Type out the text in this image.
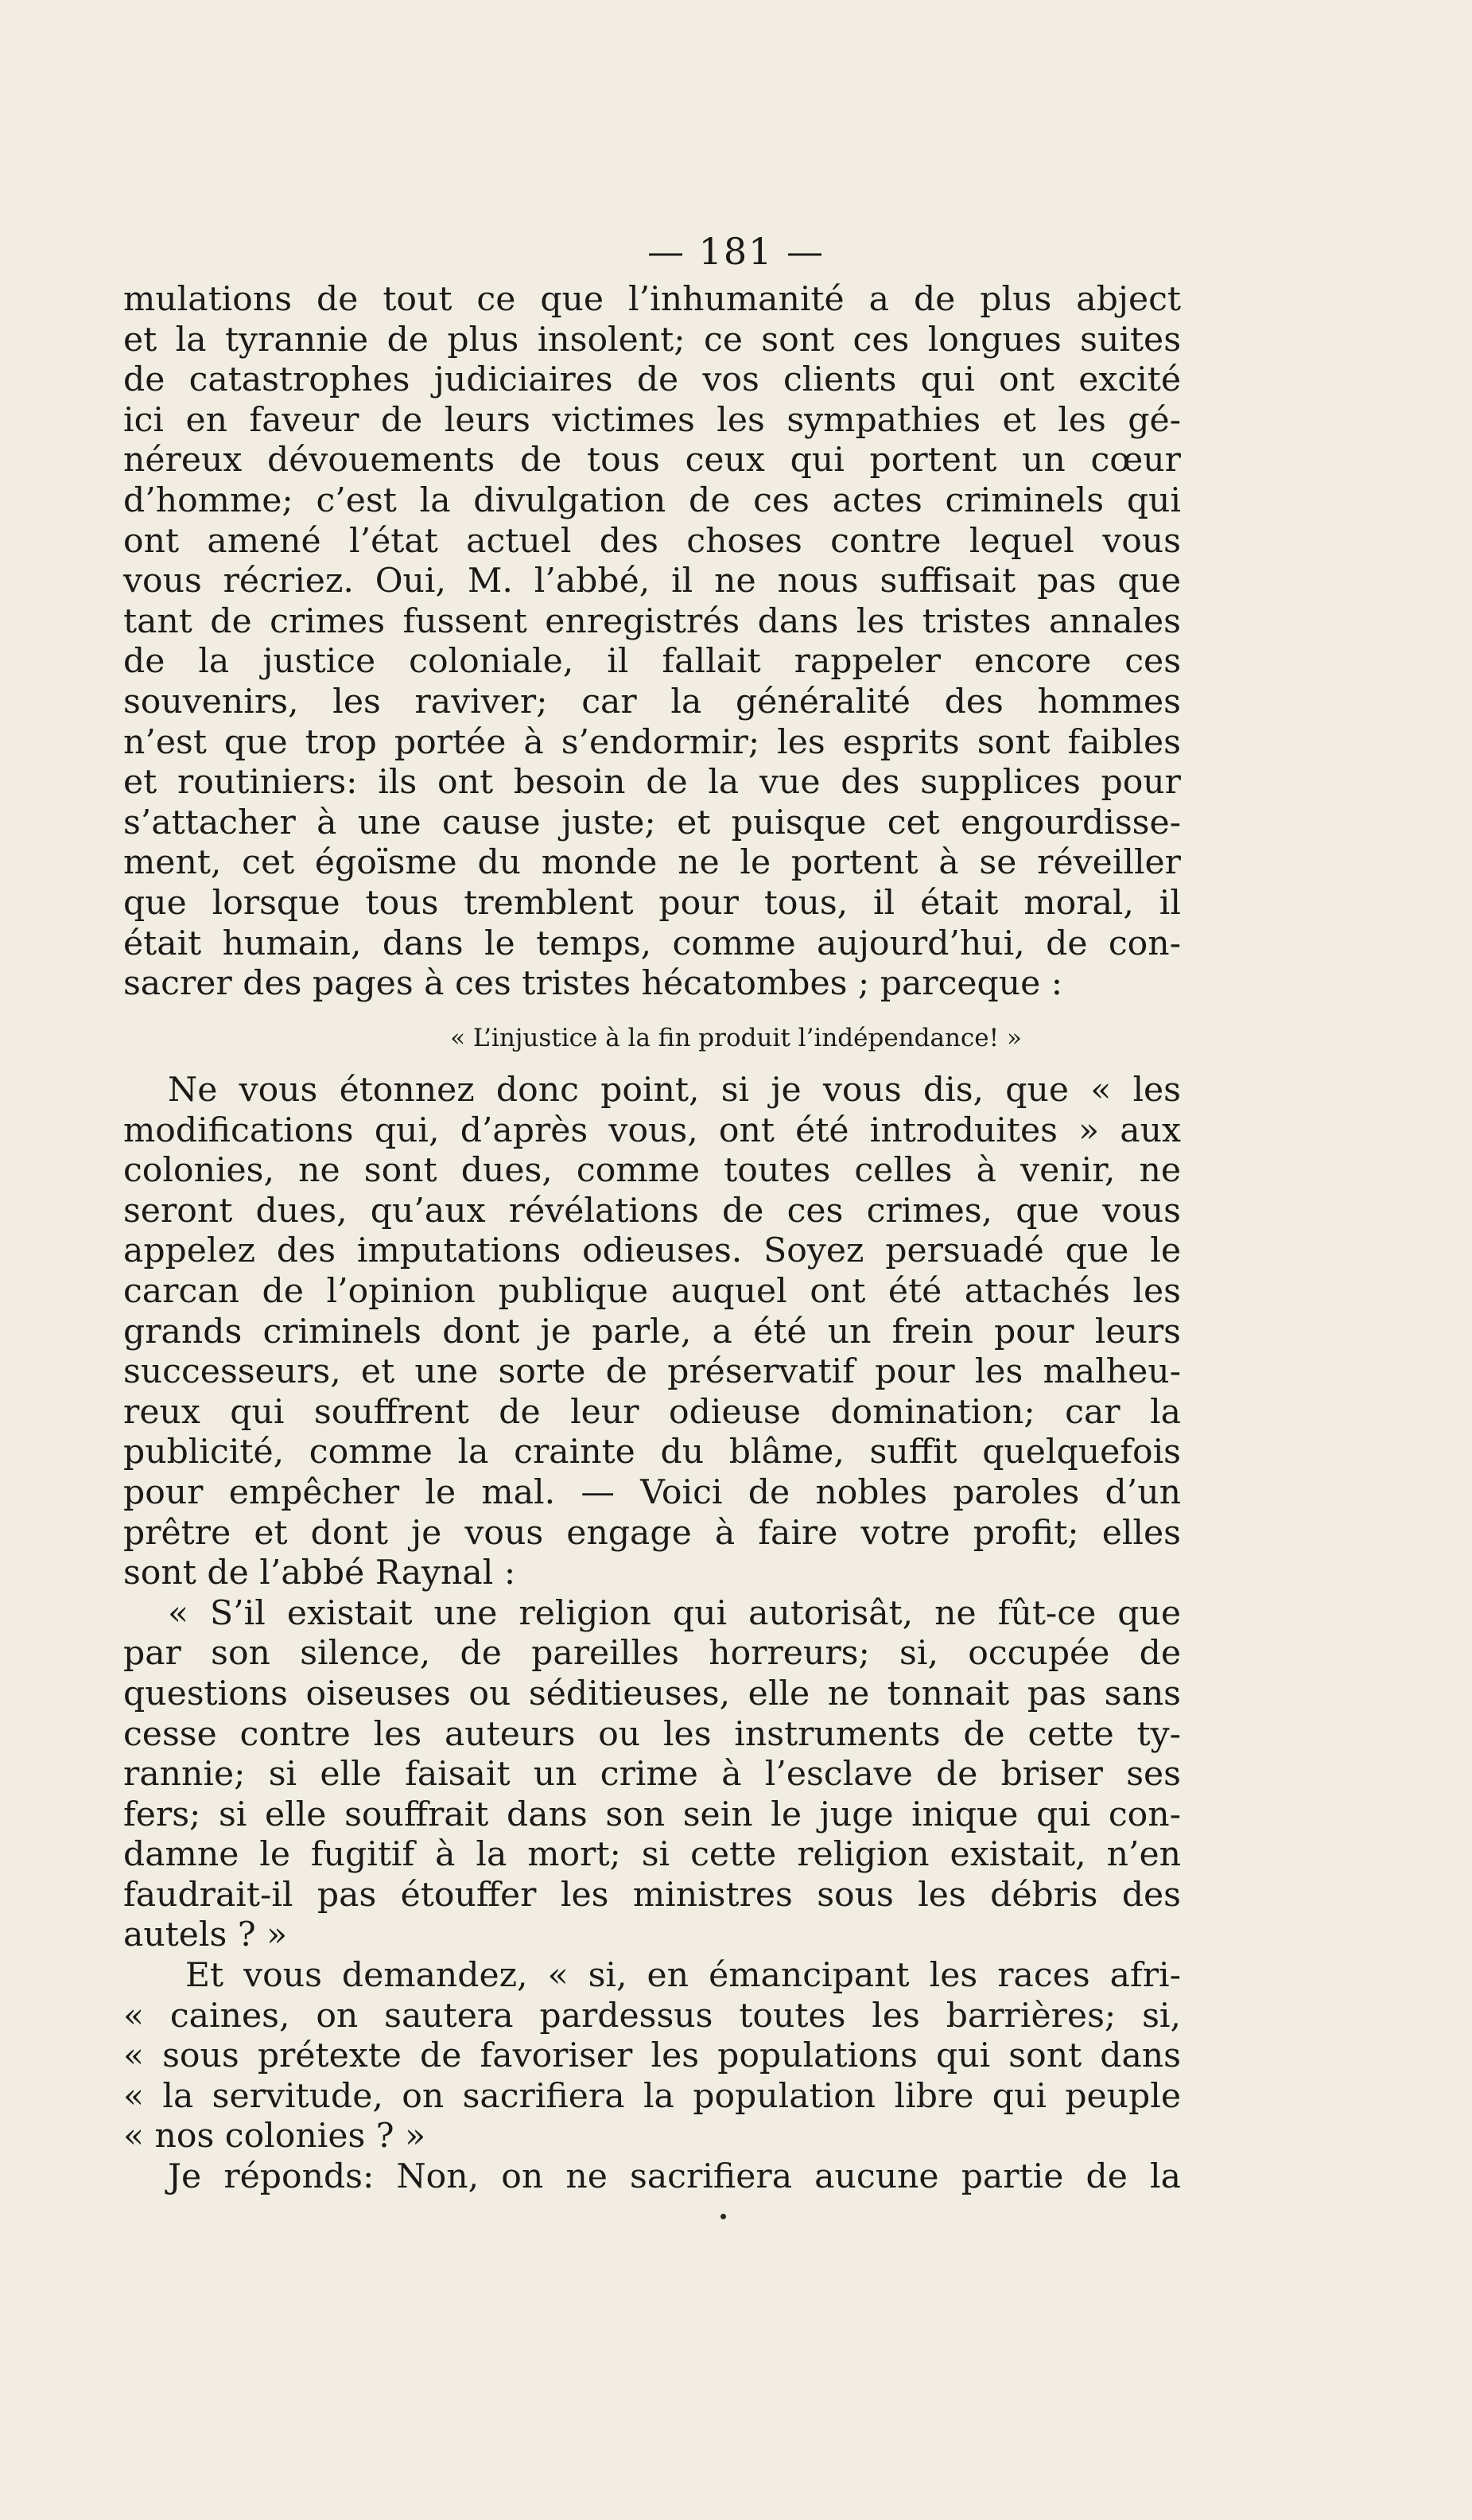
— 181 —
mulations de tout ce que l’inhumanité a de plus abject
et la tyrannie de plus insolent; ce sont ces longues suites
de catastrophes judiciaires de vos clients qui ont excité
ici en faveur de leurs victimes les sympathies et les gé-
néreux dévouements de tous ceux qui portent un cœur
d’homme; c’est la divulgation de ces actes criminels qui
ont amené l’état actuel des choses contre lequel vous
vous récriez. Oui, M. l’abbé, il ne nous suffisait pas que
tant de crimes fussent enregistrés dans les tristes annales
de la justice coloniale, il fallait rappeler encore ces
souvenirs, les raviver; car la généralité des hommes
n’est que trop portée à s’endormir; les esprits sont faibles
et routiniers: ils ont besoin de la vue des supplices pour
s’attacher à une cause juste; et puisque cet engourdisse-
ment, cet égoïsme du monde ne le portent à se réveiller
que lorsque tous tremblent pour tous, il était moral, il
était humain, dans le temps, comme aujourd’hui, de con-
sacrer des pages à ces tristes hécatombes ; parceque :
« L’injustice à la fin produit l’indépendance! »
Ne vous étonnez donc point, si je vous dis, que « les
modifications qui, d’après vous, ont été introduites » aux
colonies, ne sont dues, comme toutes celles à venir, ne
seront dues, qu’aux révélations de ces crimes, que vous
appelez des imputations odieuses. Soyez persuadé que le
carcan de l’opinion publique auquel ont été attachés les
grands criminels dont je parle, a été un frein pour leurs
successeurs, et une sorte de préservatif pour les malheu-
reux qui souffrent de leur odieuse domination; car la
publicité, comme la crainte du blâme, suffit quelquefois
pour empêcher le mal. — Voici de nobles paroles d’un
prêtre et dont je vous engage à faire votre profit; elles
sont de l’abbé Raynal :
« S’il existait une religion qui autorisât, ne fût-ce que
par son silence, de pareilles horreurs; si, occupée de
questions oiseuses ou séditieuses, elle ne tonnait pas sans
cesse contre les auteurs ou les instruments de cette ty-
rannie; si elle faisait un crime à l’esclave de briser ses
fers; si elle souffrait dans son sein le juge inique qui con-
damne le fugitif à la mort; si cette religion existait, n’en
faudrait-il pas étouffer les ministres sous les débris des
autels ? »
Et vous demandez, « si, en émancipant les races afri-
« caines, on sautera pardessus toutes les barrières; si,
« sous prétexte de favoriser les populations qui sont dans
« la servitude, on sacrifiera la population libre qui peuple
« nos colonies ? »
Je réponds: Non, on ne sacrifiera aucune partie de la
